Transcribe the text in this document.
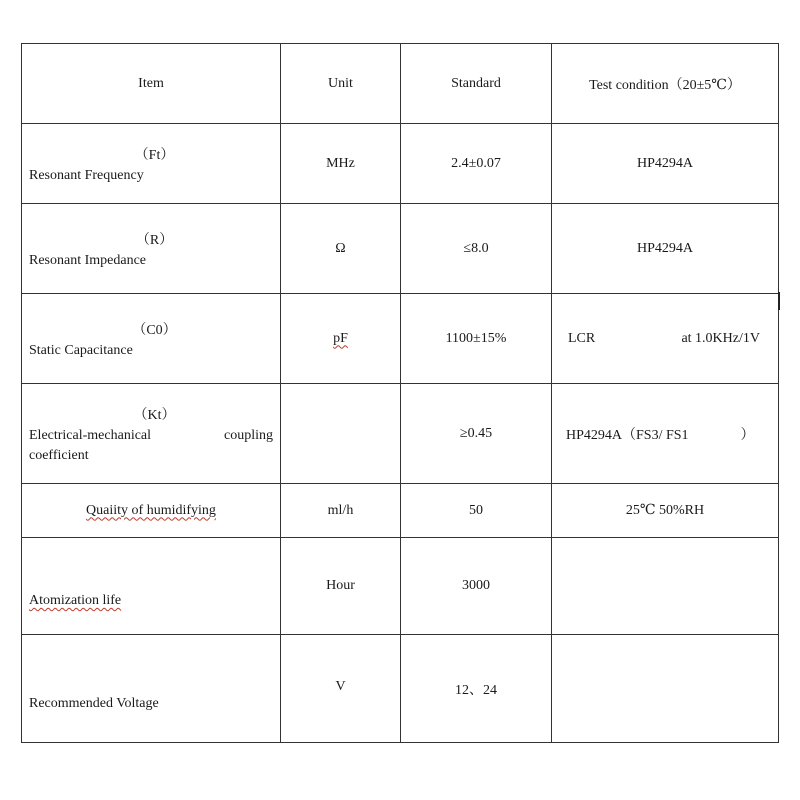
Item	Unit	Standard	Test condition（20±5℃）

（Ft）
Resonant Frequency	MHz	2.4±0.07	HP4294A

（R）
Resonant Impedance	Ω	≤8.0	HP4294A

（C0）
Static Capacitance	pF	1100±15%	LCR at 1.0KHz/1V

（Kt）
Electrical-mechanical coupling
coefficient		≥0.45	HP4294A（FS3/ FS1 ）

Quaiity of humidifying	ml/h	50	25℃ 50%RH

Atomization life	Hour	3000	

Recommended Voltage	V	12、24	
